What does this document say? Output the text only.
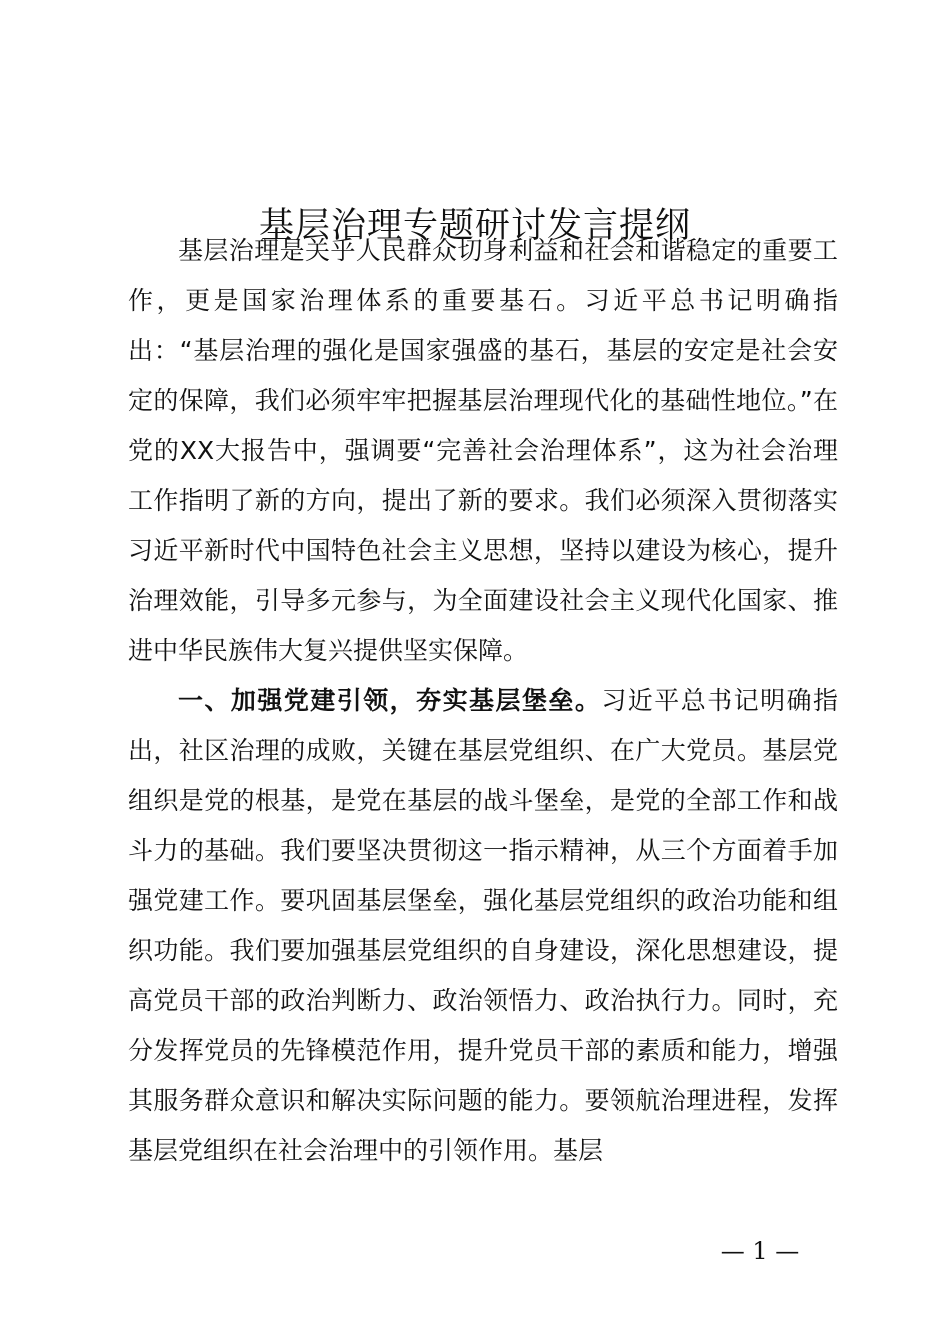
基层治理专题研讨发言提纲

基层治理是关乎人民群众切身利益和社会和谐稳定的重要工作，更是国家治理体系的重要基石。习近平总书记明确指出：“基层治理的强化是国家强盛的基石，基层的安定是社会安定的保障，我们必须牢牢把握基层治理现代化的基础性地位。”在党的XX大报告中，强调要“完善社会治理体系”，这为社会治理工作指明了新的方向，提出了新的要求。我们必须深入贯彻落实习近平新时代中国特色社会主义思想，坚持以建设为核心，提升治理效能，引导多元参与，为全面建设社会主义现代化国家、推进中华民族伟大复兴提供坚实保障。

一、加强党建引领，夯实基层堡垒。习近平总书记明确指出，社区治理的成败，关键在基层党组织、在广大党员。基层党组织是党的根基，是党在基层的战斗堡垒，是党的全部工作和战斗力的基础。我们要坚决贯彻这一指示精神，从三个方面着手加强党建工作。要巩固基层堡垒，强化基层党组织的政治功能和组织功能。我们要加强基层党组织的自身建设，深化思想建设，提高党员干部的政治判断力、政治领悟力、政治执行力。同时，充分发挥党员的先锋模范作用，提升党员干部的素质和能力，增强其服务群众意识和解决实际问题的能力。要领航治理进程，发挥基层党组织在社会治理中的引领作用。基层

— 1 —
